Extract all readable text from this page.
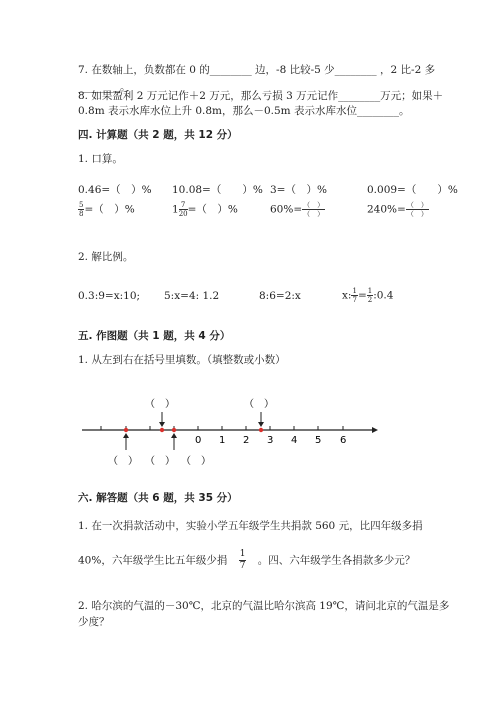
7. 在数轴上，负数都在 0 的________ 边，-8 比较-5 少________ ，2 比-2 多
________。
8. 如果盈利 2 万元记作＋2 万元，那么亏损 3 万元记作________万元；如果＋
0.8m 表示水库水位上升 0.8m，那么－0.5m 表示水库水位________。
四. 计算题（共 2 题，共 12 分）
1. 口算。
0.46=（　）% 10.08=（　　）% 3=（　）%	0.009=（　　）%
$\frac{5}{8}$ =（　）%	$1 \frac{7}{20}$ =（　）%	$60\%= \frac{( )}{( )}$	$240\%= \frac{( )}{( )}$
2. 解比例。
0.3:9=x:10; 5:x=4: 1.2	8:6=2:x	x: $\frac{1}{7} = \frac{1}{2}$ :0.4
五. 作图题（共 1 题，共 4 分）
1. 从左到右在括号里填数。（填整数或小数）
（　）	（　）
0 1 2 3 4 5 6
（　） （　） （　）
六. 解答题（共 6 题，共 35 分）
1. 在一次捐款活动中，实验小学五年级学生共捐款 560 元，比四年级多捐
40%，六年级学生比五年级少捐 $\frac{1}{7}$ 。四、六年级学生各捐款多少元？
2. 哈尔滨的气温的－30℃，北京的气温比哈尔滨高 19℃，请问北京的气温是多
少度？
